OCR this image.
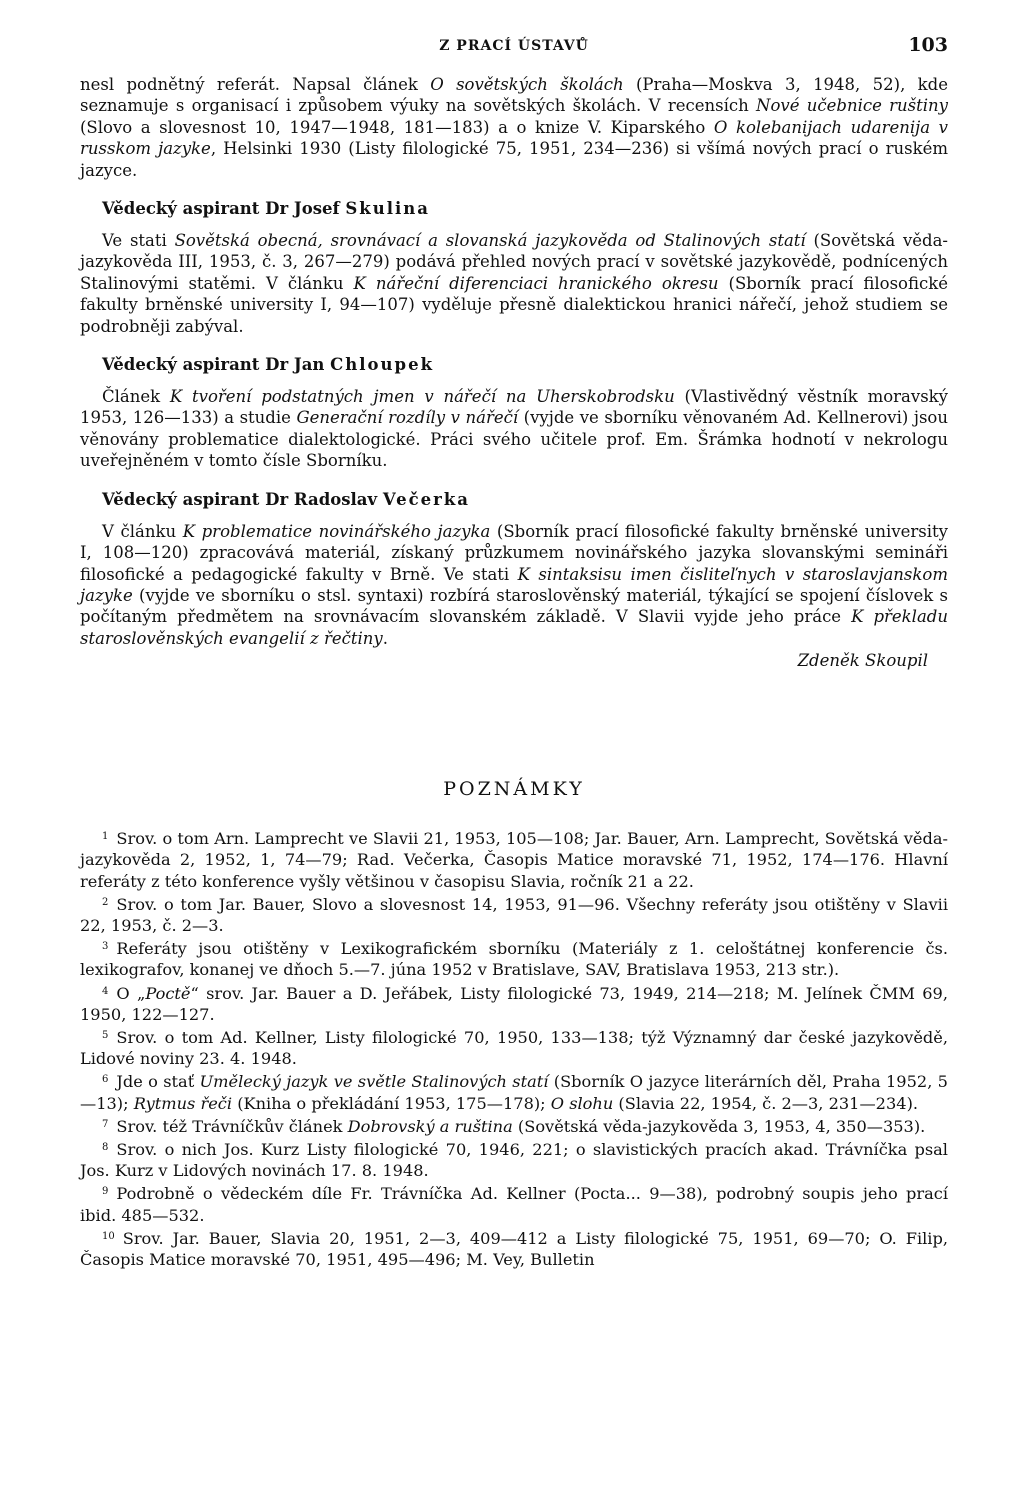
Z PRACÍ ÚSTAVŮ	103

nesl podnětný referát. Napsal článek O sovětských školách (Praha—Moskva 3, 1948, 52), kde seznamuje s organisací i způsobem výuky na sovětských školách. V recensích Nové učebnice ruštiny (Slovo a slovesnost 10, 1947—1948, 181—183) a o knize V. Kiparského O kolebanijach udarenija v russkom jazyke, Helsinki 1930 (Listy filologické 75, 1951, 234—236) si všímá nových prací o ruském jazyce.

Vědecký aspirant Dr Josef Skulina

Ve stati Sovětská obecná, srovnávací a slovanská jazykověda od Stalinových statí (Sovětská věda-jazykověda III, 1953, č. 3, 267—279) podává přehled nových prací v sovětské jazykovědě, podnícených Stalinovými statěmi. V článku K nářeční diferenciaci hranického okresu (Sborník prací filosofické fakulty brněnské university I, 94—107) vyděluje přesně dialektickou hranici nářečí, jehož studiem se podrobněji zabýval.

Vědecký aspirant Dr Jan Chloupek

Článek K tvoření podstatných jmen v nářečí na Uherskobrodsku (Vlastivědný věstník moravský 1953, 126—133) a studie Generační rozdíly v nářečí (vyjde ve sborníku věnovaném Ad. Kellnerovi) jsou věnovány problematice dialektologické. Práci svého učitele prof. Em. Šrámka hodnotí v nekrologu uveřejněném v tomto čísle Sborníku.

Vědecký aspirant Dr Radoslav Večerka

V článku K problematice novinářského jazyka (Sborník prací filosofické fakulty brněnské university I, 108—120) zpracovává materiál, získaný průzkumem novinářského jazyka slovanskými semináři filosofické a pedagogické fakulty v Brně. Ve stati K sintaksisu imen čisliteľnych v staroslavjanskom jazyke (vyjde ve sborníku o stsl. syntaxi) rozbírá staroslověnský materiál, týkající se spojení číslovek s počítaným předmětem na srovnávacím slovanském základě. V Slavii vyjde jeho práce K překladu staroslověnských evangelií z řečtiny.

Zdeněk Skoupil
POZNÁMKY

$^1$ Srov. o tom Arn. Lamprecht ve Slavii 21, 1953, 105—108; Jar. Bauer, Arn. Lamprecht, Sovětská věda-jazykověda 2, 1952, 1, 74—79; Rad. Večerka, Časopis Matice moravské 71, 1952, 174—176. Hlavní referáty z této konference vyšly většinou v časopisu Slavia, ročník 21 a 22.

$^2$ Srov. o tom Jar. Bauer, Slovo a slovesnost 14, 1953, 91—96. Všechny referáty jsou otištěny v Slavii 22, 1953, č. 2—3.

$^3$ Referáty jsou otištěny v Lexikografickém sborníku (Materiály z 1. celoštátnej konferencie čs. lexikografov, konanej ve dňoch 5.—7. júna 1952 v Bratislave, SAV, Bratislava 1953, 213 str.).

$^4$ O „Poctě“ srov. Jar. Bauer a D. Jeřábek, Listy filologické 73, 1949, 214—218; M. Jelínek ČMM 69, 1950, 122—127.

$^5$ Srov. o tom Ad. Kellner, Listy filologické 70, 1950, 133—138; týž Významný dar české jazykovědě, Lidové noviny 23. 4. 1948.

$^6$ Jde o stať Umělecký jazyk ve světle Stalinových statí (Sborník O jazyce literárních děl, Praha 1952, 5—13); Rytmus řeči (Kniha o překládání 1953, 175—178); O slohu (Slavia 22, 1954, č. 2—3, 231—234).

$^7$ Srov. též Trávníčkův článek Dobrovský a ruština (Sovětská věda-jazykověda 3, 1953, 4, 350—353).

$^8$ Srov. o nich Jos. Kurz Listy filologické 70, 1946, 221; o slavistických pracích akad. Trávníčka psal Jos. Kurz v Lidových novinách 17. 8. 1948.

$^9$ Podrobně o vědeckém díle Fr. Trávníčka Ad. Kellner (Pocta... 9—38), podrobný soupis jeho prací ibid. 485—532.

$^{10}$ Srov. Jar. Bauer, Slavia 20, 1951, 2—3, 409—412 a Listy filologické 75, 1951, 69—70; O. Filip, Časopis Matice moravské 70, 1951, 495—496; M. Vey, Bulletin
